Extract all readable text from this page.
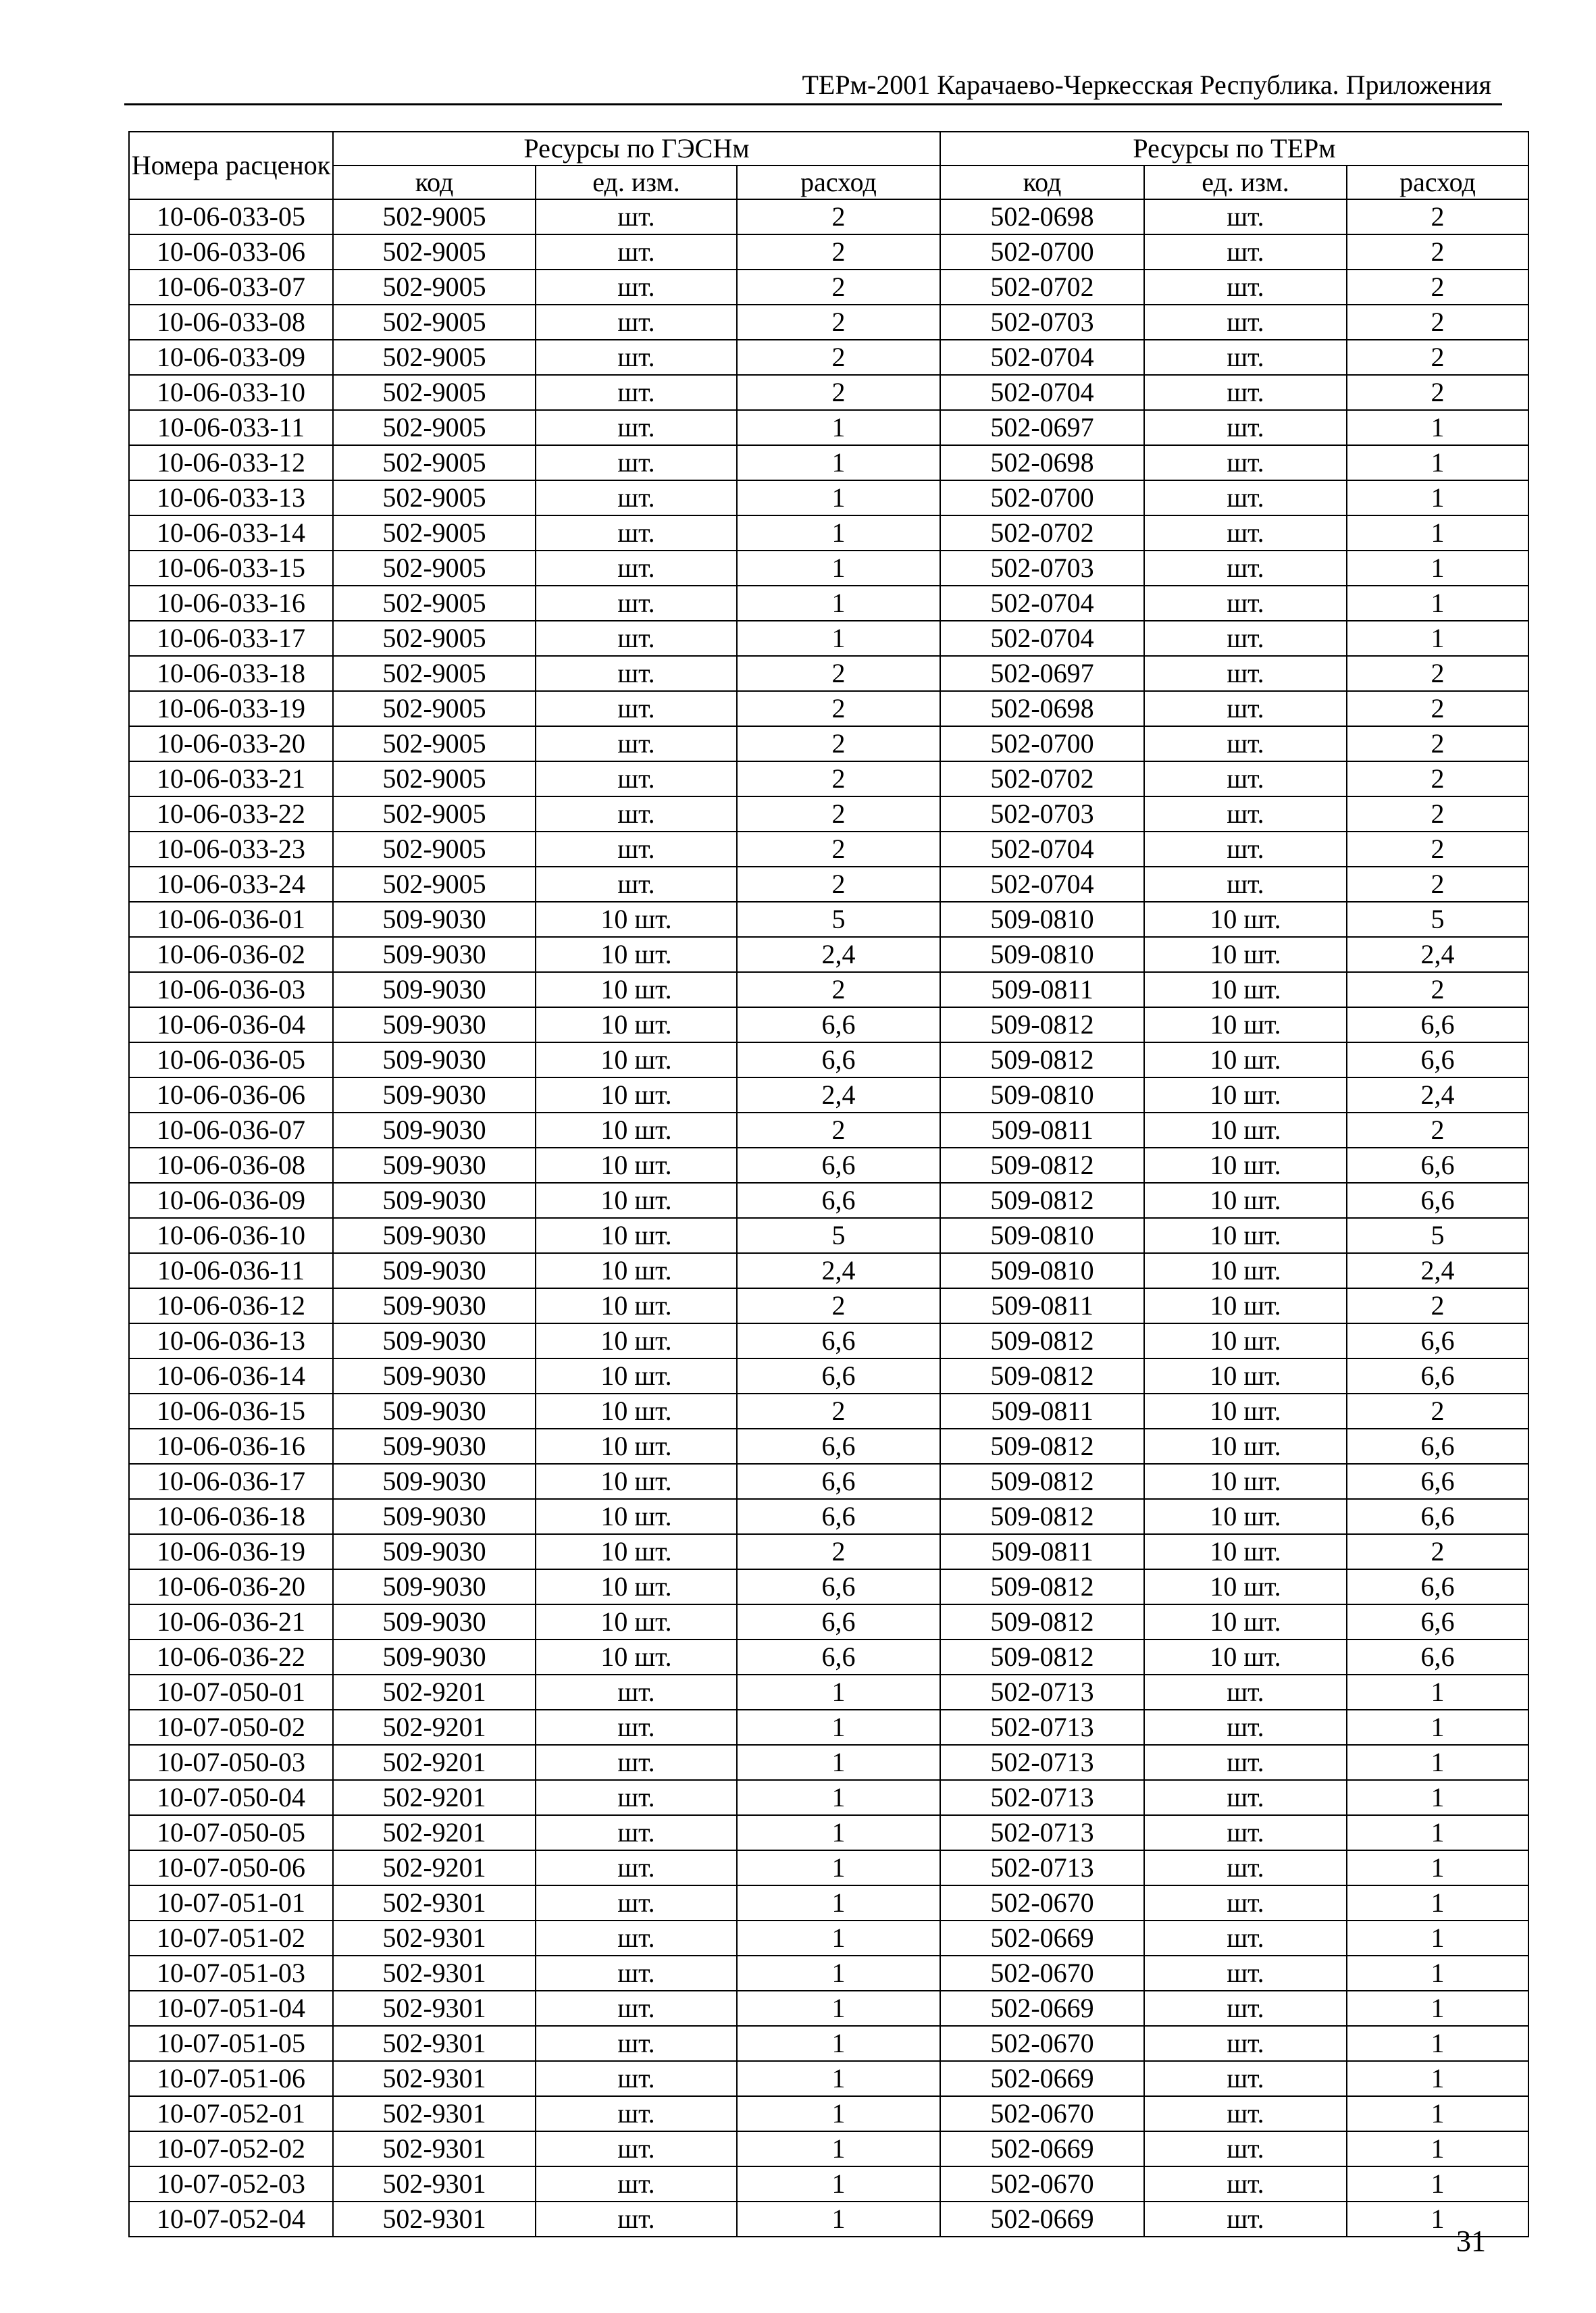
ТЕРм-2001 Карачаево-Черкесская Республика. Приложения
Номера расценок	Ресурсы по ГЭСНм			Ресурсы по ТЕРм		
	код	ед. изм.	расход	код	ед. изм.	расход
10-06-033-05	502-9005	шт.	2	502-0698	шт.	2
10-06-033-06	502-9005	шт.	2	502-0700	шт.	2
10-06-033-07	502-9005	шт.	2	502-0702	шт.	2
10-06-033-08	502-9005	шт.	2	502-0703	шт.	2
10-06-033-09	502-9005	шт.	2	502-0704	шт.	2
10-06-033-10	502-9005	шт.	2	502-0704	шт.	2
10-06-033-11	502-9005	шт.	1	502-0697	шт.	1
10-06-033-12	502-9005	шт.	1	502-0698	шт.	1
10-06-033-13	502-9005	шт.	1	502-0700	шт.	1
10-06-033-14	502-9005	шт.	1	502-0702	шт.	1
10-06-033-15	502-9005	шт.	1	502-0703	шт.	1
10-06-033-16	502-9005	шт.	1	502-0704	шт.	1
10-06-033-17	502-9005	шт.	1	502-0704	шт.	1
10-06-033-18	502-9005	шт.	2	502-0697	шт.	2
10-06-033-19	502-9005	шт.	2	502-0698	шт.	2
10-06-033-20	502-9005	шт.	2	502-0700	шт.	2
10-06-033-21	502-9005	шт.	2	502-0702	шт.	2
10-06-033-22	502-9005	шт.	2	502-0703	шт.	2
10-06-033-23	502-9005	шт.	2	502-0704	шт.	2
10-06-033-24	502-9005	шт.	2	502-0704	шт.	2
10-06-036-01	509-9030	10 шт.	5	509-0810	10 шт.	5
10-06-036-02	509-9030	10 шт.	2,4	509-0810	10 шт.	2,4
10-06-036-03	509-9030	10 шт.	2	509-0811	10 шт.	2
10-06-036-04	509-9030	10 шт.	6,6	509-0812	10 шт.	6,6
10-06-036-05	509-9030	10 шт.	6,6	509-0812	10 шт.	6,6
10-06-036-06	509-9030	10 шт.	2,4	509-0810	10 шт.	2,4
10-06-036-07	509-9030	10 шт.	2	509-0811	10 шт.	2
10-06-036-08	509-9030	10 шт.	6,6	509-0812	10 шт.	6,6
10-06-036-09	509-9030	10 шт.	6,6	509-0812	10 шт.	6,6
10-06-036-10	509-9030	10 шт.	5	509-0810	10 шт.	5
10-06-036-11	509-9030	10 шт.	2,4	509-0810	10 шт.	2,4
10-06-036-12	509-9030	10 шт.	2	509-0811	10 шт.	2
10-06-036-13	509-9030	10 шт.	6,6	509-0812	10 шт.	6,6
10-06-036-14	509-9030	10 шт.	6,6	509-0812	10 шт.	6,6
10-06-036-15	509-9030	10 шт.	2	509-0811	10 шт.	2
10-06-036-16	509-9030	10 шт.	6,6	509-0812	10 шт.	6,6
10-06-036-17	509-9030	10 шт.	6,6	509-0812	10 шт.	6,6
10-06-036-18	509-9030	10 шт.	6,6	509-0812	10 шт.	6,6
10-06-036-19	509-9030	10 шт.	2	509-0811	10 шт.	2
10-06-036-20	509-9030	10 шт.	6,6	509-0812	10 шт.	6,6
10-06-036-21	509-9030	10 шт.	6,6	509-0812	10 шт.	6,6
10-06-036-22	509-9030	10 шт.	6,6	509-0812	10 шт.	6,6
10-07-050-01	502-9201	шт.	1	502-0713	шт.	1
10-07-050-02	502-9201	шт.	1	502-0713	шт.	1
10-07-050-03	502-9201	шт.	1	502-0713	шт.	1
10-07-050-04	502-9201	шт.	1	502-0713	шт.	1
10-07-050-05	502-9201	шт.	1	502-0713	шт.	1
10-07-050-06	502-9201	шт.	1	502-0713	шт.	1
10-07-051-01	502-9301	шт.	1	502-0670	шт.	1
10-07-051-02	502-9301	шт.	1	502-0669	шт.	1
10-07-051-03	502-9301	шт.	1	502-0670	шт.	1
10-07-051-04	502-9301	шт.	1	502-0669	шт.	1
10-07-051-05	502-9301	шт.	1	502-0670	шт.	1
10-07-051-06	502-9301	шт.	1	502-0669	шт.	1
10-07-052-01	502-9301	шт.	1	502-0670	шт.	1
10-07-052-02	502-9301	шт.	1	502-0669	шт.	1
10-07-052-03	502-9301	шт.	1	502-0670	шт.	1
10-07-052-04	502-9301	шт.	1	502-0669	шт.	1
31
